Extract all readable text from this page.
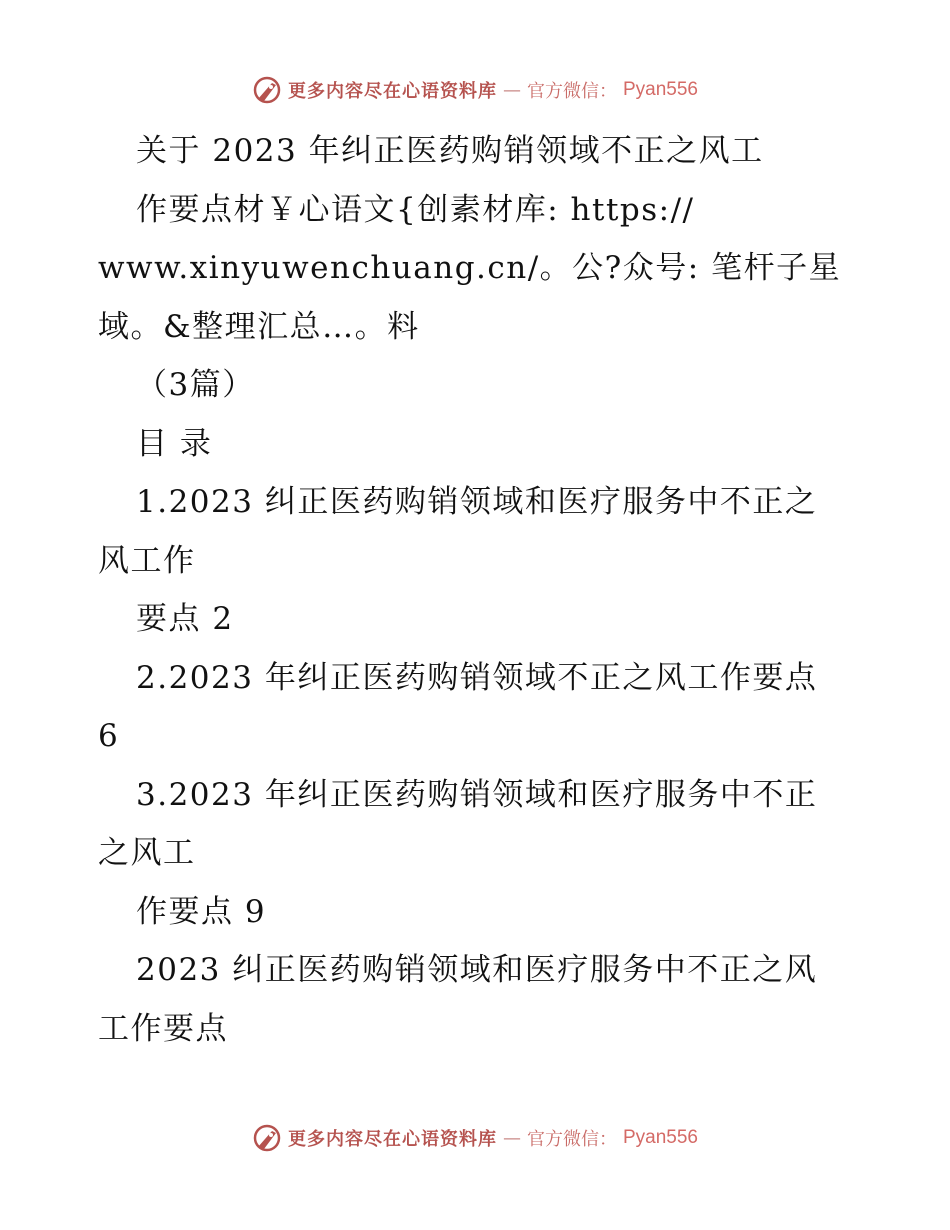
更多内容尽在心语资料库 — 官方微信： Pyan556
关于 2023 年纠正医药购销领域不正之风工
作要点材￥心语文{创素材库: https://
www.xinyuwenchuang.cn/。公?众号: 笔杆子星
域。&整理汇总…。料
（3篇）
目 录
1.2023 纠正医药购销领域和医疗服务中不正之
风工作
要点 2
2.2023 年纠正医药购销领域不正之风工作要点
6
3.2023 年纠正医药购销领域和医疗服务中不正
之风工
作要点 9
2023 纠正医药购销领域和医疗服务中不正之风
工作要点
更多内容尽在心语资料库 — 官方微信： Pyan556
